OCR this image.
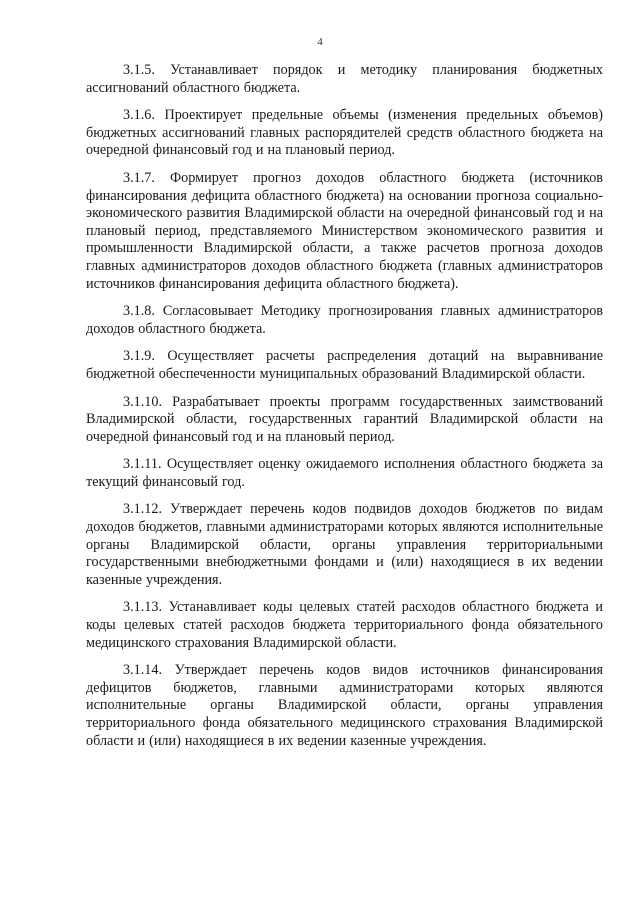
4

3.1.5. Устанавливает порядок и методику планирования бюджетных ассигнований областного бюджета.

3.1.6. Проектирует предельные объемы (изменения предельных объемов) бюджетных ассигнований главных распорядителей средств областного бюджета на очередной финансовый год и на плановый период.

3.1.7. Формирует прогноз доходов областного бюджета (источников финансирования дефицита областного бюджета) на основании прогноза социально-экономического развития Владимирской области на очередной финансовый год и на плановый период, представляемого Министерством экономического развития и промышленности Владимирской области, а также расчетов прогноза доходов главных администраторов доходов областного бюджета (главных администраторов источников финансирования дефицита областного бюджета).

3.1.8. Согласовывает Методику прогнозирования главных администраторов доходов областного бюджета.

3.1.9. Осуществляет расчеты распределения дотаций на выравнивание бюджетной обеспеченности муниципальных образований Владимирской области.

3.1.10. Разрабатывает проекты программ государственных заимствований Владимирской области, государственных гарантий Владимирской области на очередной финансовый год и на плановый период.

3.1.11. Осуществляет оценку ожидаемого исполнения областного бюджета за текущий финансовый год.

3.1.12. Утверждает перечень кодов подвидов доходов бюджетов по видам доходов бюджетов, главными администраторами которых являются исполнительные органы Владимирской области, органы управления территориальными государственными внебюджетными фондами и (или) находящиеся в их ведении казенные учреждения.

3.1.13. Устанавливает коды целевых статей расходов областного бюджета и коды целевых статей расходов бюджета территориального фонда обязательного медицинского страхования Владимирской области.

3.1.14. Утверждает перечень кодов видов источников финансирования дефицитов бюджетов, главными администраторами которых являются исполнительные органы Владимирской области, органы управления территориального фонда обязательного медицинского страхования Владимирской области и (или) находящиеся в их ведении казенные учреждения.
